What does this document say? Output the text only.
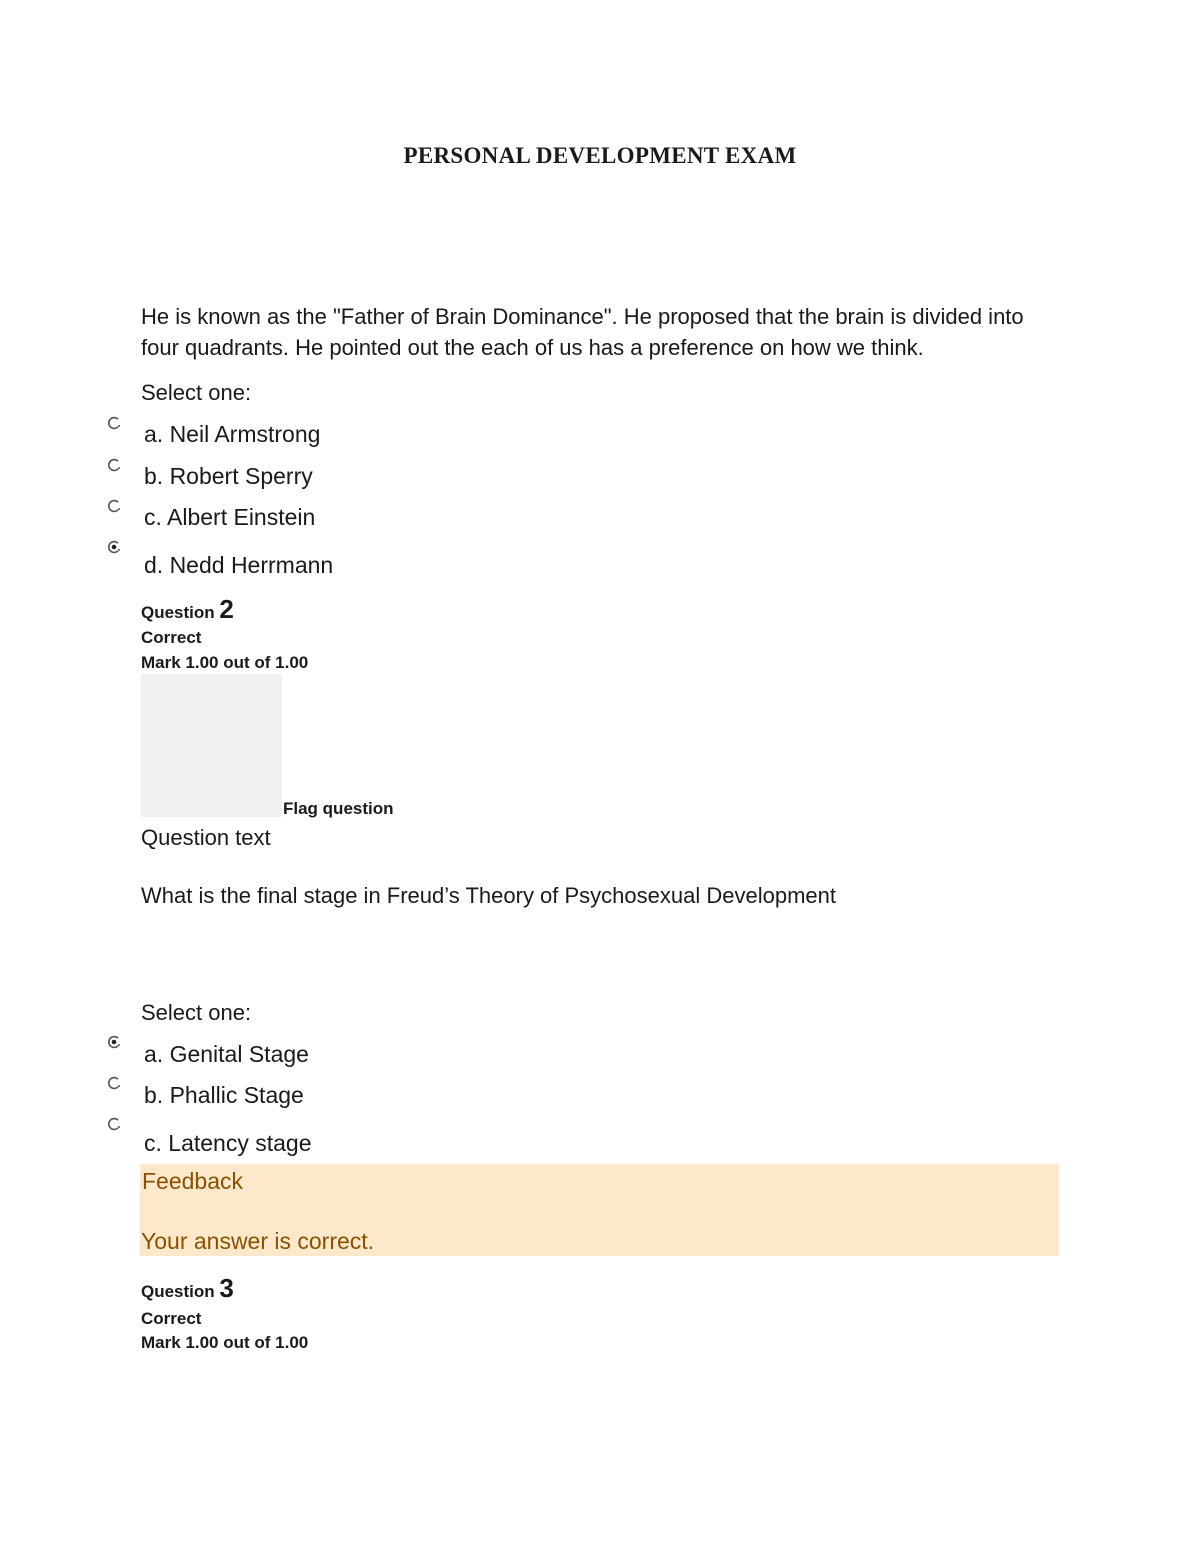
PERSONAL DEVELOPMENT EXAM
He is known as the "Father of Brain Dominance". He proposed that the brain is divided into four quadrants. He pointed out the each of us has a preference on how we think.
Select one:
a. Neil Armstrong
b. Robert Sperry
c. Albert Einstein
d. Nedd Herrmann
Question 2
Correct
Mark 1.00 out of 1.00
Flag question
Question text
What is the final stage in Freud’s Theory of Psychosexual Development
Select one:
a. Genital Stage
b. Phallic Stage
c. Latency stage
Feedback
Your answer is correct.
Question 3
Correct
Mark 1.00 out of 1.00
